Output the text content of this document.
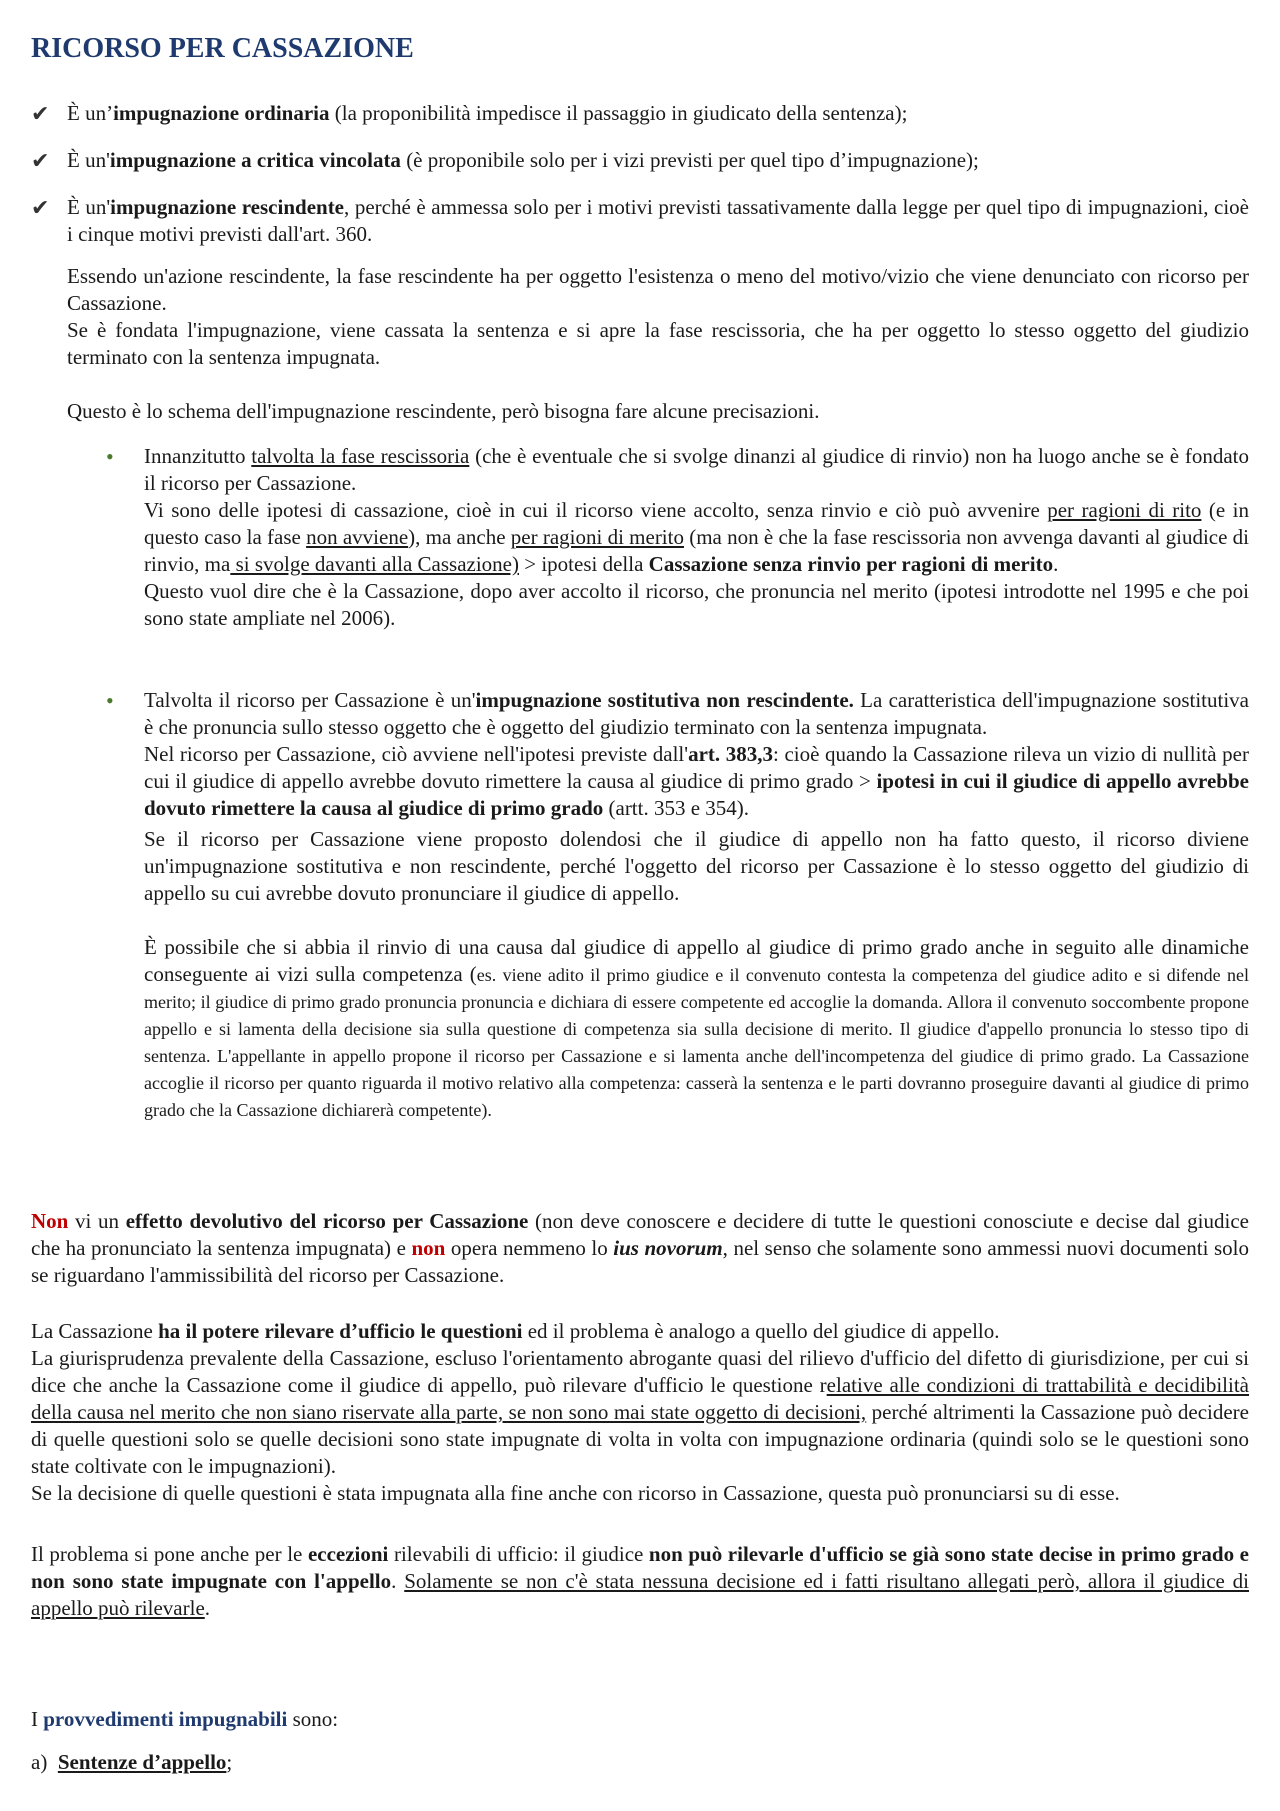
RICORSO PER CASSAZIONE
✔ È un’impugnazione ordinaria (la proponibilità impedisce il passaggio in giudicato della sentenza);

✔ È un'impugnazione a critica vincolata (è proponibile solo per i vizi previsti per quel tipo d’impugnazione);

✔ È un'impugnazione rescindente, perché è ammessa solo per i motivi previsti tassativamente dalla legge per quel tipo di impugnazioni, cioè i cinque motivi previsti dall'art. 360.

Essendo un'azione rescindente, la fase rescindente ha per oggetto l'esistenza o meno del motivo/vizio che viene denunciato con ricorso per Cassazione.

Se è fondata l'impugnazione, viene cassata la sentenza e si apre la fase rescissoria, che ha per oggetto lo stesso oggetto del giudizio terminato con la sentenza impugnata.

Questo è lo schema dell'impugnazione rescindente, però bisogna fare alcune precisazioni.

• Innanzitutto talvolta la fase rescissoria (che è eventuale che si svolge dinanzi al giudice di rinvio) non ha luogo anche se è fondato il ricorso per Cassazione.

Vi sono delle ipotesi di cassazione, cioè in cui il ricorso viene accolto, senza rinvio e ciò può avvenire per ragioni di rito (e in questo caso la fase non avviene), ma anche per ragioni di merito (ma non è che la fase rescissoria non avvenga davanti al giudice di rinvio, ma si svolge davanti alla Cassazione) > ipotesi della Cassazione senza rinvio per ragioni di merito.

Questo vuol dire che è la Cassazione, dopo aver accolto il ricorso, che pronuncia nel merito (ipotesi introdotte nel 1995 e che poi sono state ampliate nel 2006).

• Talvolta il ricorso per Cassazione è un'impugnazione sostitutiva non rescindente. La caratteristica dell'impugnazione sostitutiva è che pronuncia sullo stesso oggetto che è oggetto del giudizio terminato con la sentenza impugnata.

Nel ricorso per Cassazione, ciò avviene nell'ipotesi previste dall'art. 383,3: cioè quando la Cassazione rileva un vizio di nullità per cui il giudice di appello avrebbe dovuto rimettere la causa al giudice di primo grado > ipotesi in cui il giudice di appello avrebbe dovuto rimettere la causa al giudice di primo grado (artt. 353 e 354).

Se il ricorso per Cassazione viene proposto dolendosi che il giudice di appello non ha fatto questo, il ricorso diviene un'impugnazione sostitutiva e non rescindente, perché l'oggetto del ricorso per Cassazione è lo stesso oggetto del giudizio di appello su cui avrebbe dovuto pronunciare il giudice di appello.

È possibile che si abbia il rinvio di una causa dal giudice di appello al giudice di primo grado anche in seguito alle dinamiche conseguente ai vizi sulla competenza (es. viene adito il primo giudice e il convenuto contesta la competenza del giudice adito e si difende nel merito; il giudice di primo grado pronuncia pronuncia e dichiara di essere competente ed accoglie la domanda. Allora il convenuto soccombente propone appello e si lamenta della decisione sia sulla questione di competenza sia sulla decisione di merito. Il giudice d'appello pronuncia lo stesso tipo di sentenza. L'appellante in appello propone il ricorso per Cassazione e si lamenta anche dell'incompetenza del giudice di primo grado. La Cassazione accoglie il ricorso per quanto riguarda il motivo relativo alla competenza: casserà la sentenza e le parti dovranno proseguire davanti al giudice di primo grado che la Cassazione dichiarerà competente).

Non vi un effetto devolutivo del ricorso per Cassazione (non deve conoscere e decidere di tutte le questioni conosciute e decise dal giudice che ha pronunciato la sentenza impugnata) e non opera nemmeno lo ius novorum, nel senso che solamente sono ammessi nuovi documenti solo se riguardano l'ammissibilità del ricorso per Cassazione.

La Cassazione ha il potere rilevare d’ufficio le questioni ed il problema è analogo a quello del giudice di appello.

La giurisprudenza prevalente della Cassazione, escluso l'orientamento abrogante quasi del rilievo d'ufficio del difetto di giurisdizione, per cui si dice che anche la Cassazione come il giudice di appello, può rilevare d'ufficio le questione relative alle condizioni di trattabilità e decidibilità della causa nel merito che non siano riservate alla parte, se non sono mai state oggetto di decisioni, perché altrimenti la Cassazione può decidere di quelle questioni solo se quelle decisioni sono state impugnate di volta in volta con impugnazione ordinaria (quindi solo se le questioni sono state coltivate con le impugnazioni).

Se la decisione di quelle questioni è stata impugnata alla fine anche con ricorso in Cassazione, questa può pronunciarsi su di esse.

Il problema si pone anche per le eccezioni rilevabili di ufficio: il giudice non può rilevarle d'ufficio se già sono state decise in primo grado e non sono state impugnate con l'appello. Solamente se non c'è stata nessuna decisione ed i fatti risultano allegati però, allora il giudice di appello può rilevarle.

I provvedimenti impugnabili sono:

a) Sentenze d’appello;
